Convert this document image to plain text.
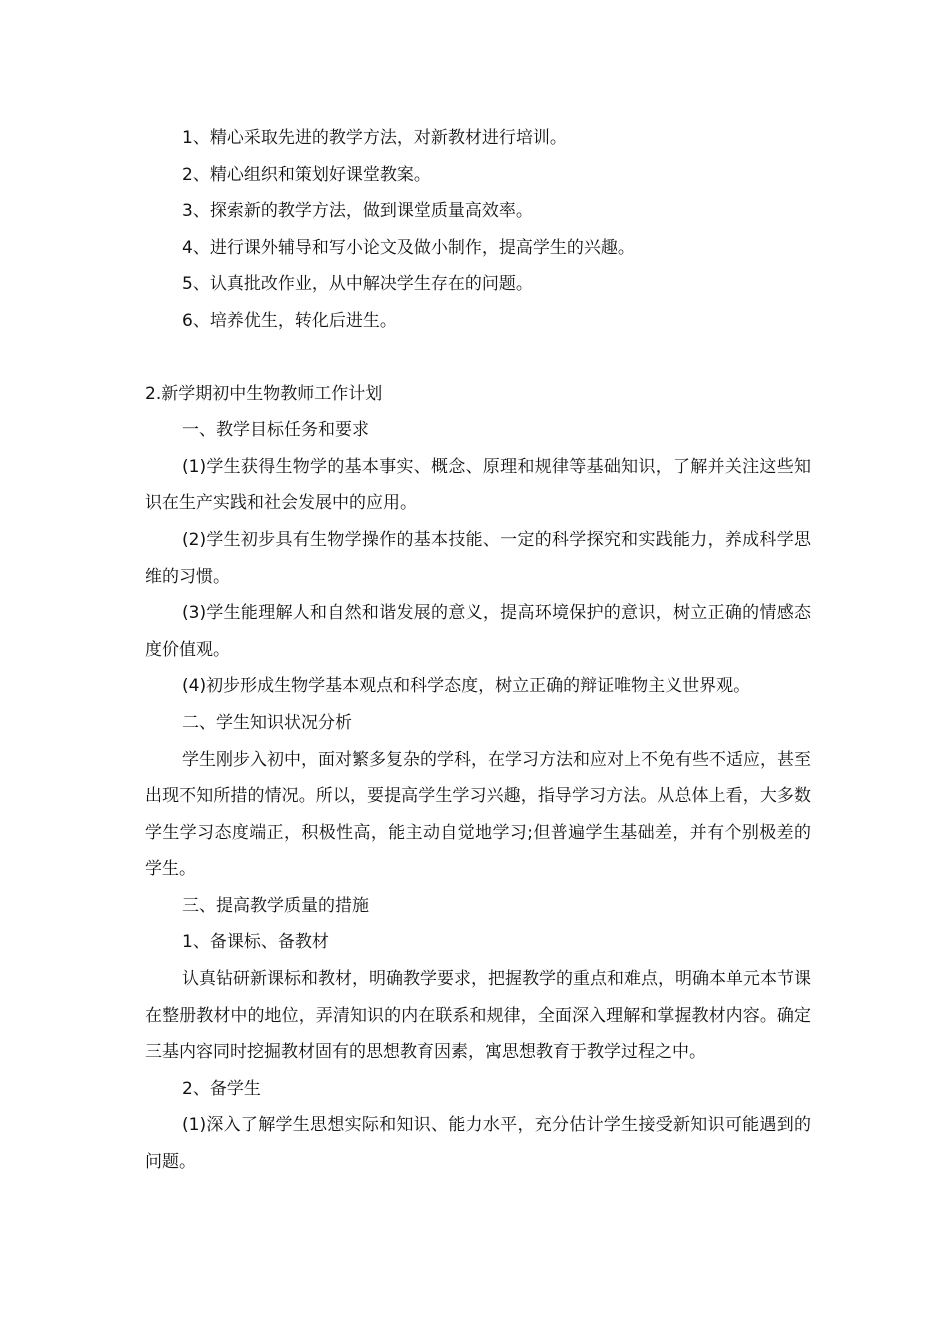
1、精心采取先进的教学方法，对新教材进行培训。

2、精心组织和策划好课堂教案。

3、探索新的教学方法，做到课堂质量高效率。

4、进行课外辅导和写小论文及做小制作，提高学生的兴趣。

5、认真批改作业，从中解决学生存在的问题。

6、培养优生，转化后进生。

2.新学期初中生物教师工作计划

一、教学目标任务和要求

(1)学生获得生物学的基本事实、概念、原理和规律等基础知识，了解并关注这些知识在生产实践和社会发展中的应用。

(2)学生初步具有生物学操作的基本技能、一定的科学探究和实践能力，养成科学思维的习惯。

(3)学生能理解人和自然和谐发展的意义，提高环境保护的意识，树立正确的情感态度价值观。

(4)初步形成生物学基本观点和科学态度，树立正确的辩证唯物主义世界观。

二、学生知识状况分析

学生刚步入初中，面对繁多复杂的学科，在学习方法和应对上不免有些不适应，甚至出现不知所措的情况。所以，要提高学生学习兴趣，指导学习方法。从总体上看，大多数学生学习态度端正，积极性高，能主动自觉地学习;但普遍学生基础差，并有个别极差的学生。

三、提高教学质量的措施

1、备课标、备教材

认真钻研新课标和教材，明确教学要求，把握教学的重点和难点，明确本单元本节课在整册教材中的地位，弄清知识的内在联系和规律，全面深入理解和掌握教材内容。确定三基内容同时挖掘教材固有的思想教育因素，寓思想教育于教学过程之中。

2、备学生

(1)深入了解学生思想实际和知识、能力水平，充分估计学生接受新知识可能遇到的问题。
